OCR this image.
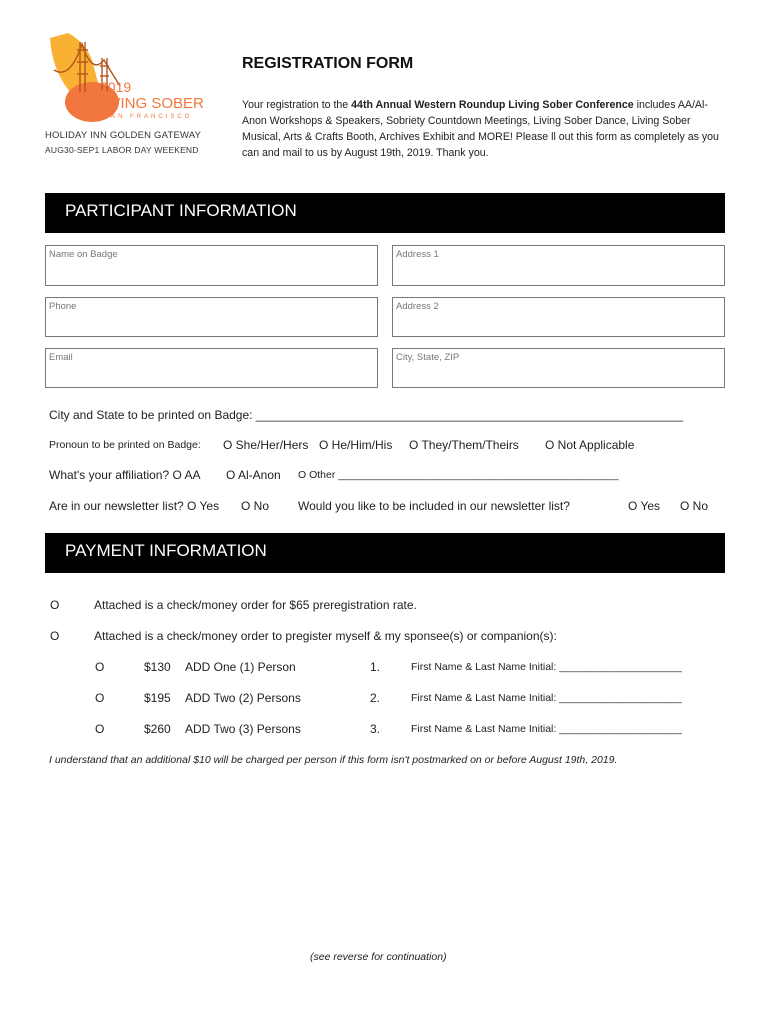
2019
LIVING SOBER
SAN FRANCISCO
HOLIDAY INN GOLDEN GATEWAY
AUG30-SEP1 LABOR DAY WEEKEND
REGISTRATION FORM
Your registration to the 44th Annual Western Roundup Living Sober Conference includes AA/Al-Anon Workshops & Speakers, Sobriety Countdown Meetings, Living Sober Dance, Living Sober Musical, Arts & Crafts Booth, Archives Exhibit and MORE! Please ll out this form as completely as you can and mail to us by August 19th, 2019. Thank you.
PARTICIPANT INFORMATION
Name on Badge	Address 1
Phone	Address 2
Email	City, State, ZIP
City and State to be printed on Badge: ________________________________________________________________
Pronoun to be printed on Badge: O She/Her/Hers O He/Him/His O They/Them/Theirs O Not Applicable
What's your affiliation? O AA O Al-Anon O Other ________________________________________________
Are in our newsletter list? O Yes O No Would you like to be included in our newsletter list?	O Yes O No
PAYMENT INFORMATION
O	Attached is a check/money order for $65 preregistration rate.
O	Attached is a check/money order to pregister myself & my sponsee(s) or companion(s):
O	$130 ADD One (1) Person	1.	First Name & Last Name Initial: _____________________
O	$195 ADD Two (2) Persons	2.	First Name & Last Name Initial: _____________________
O	$260 ADD Two (3) Persons	3.	First Name & Last Name Initial: _____________________
I understand that an additional $10 will be charged per person if this form isn't postmarked on or before August 19th, 2019.
(see reverse for continuation)
